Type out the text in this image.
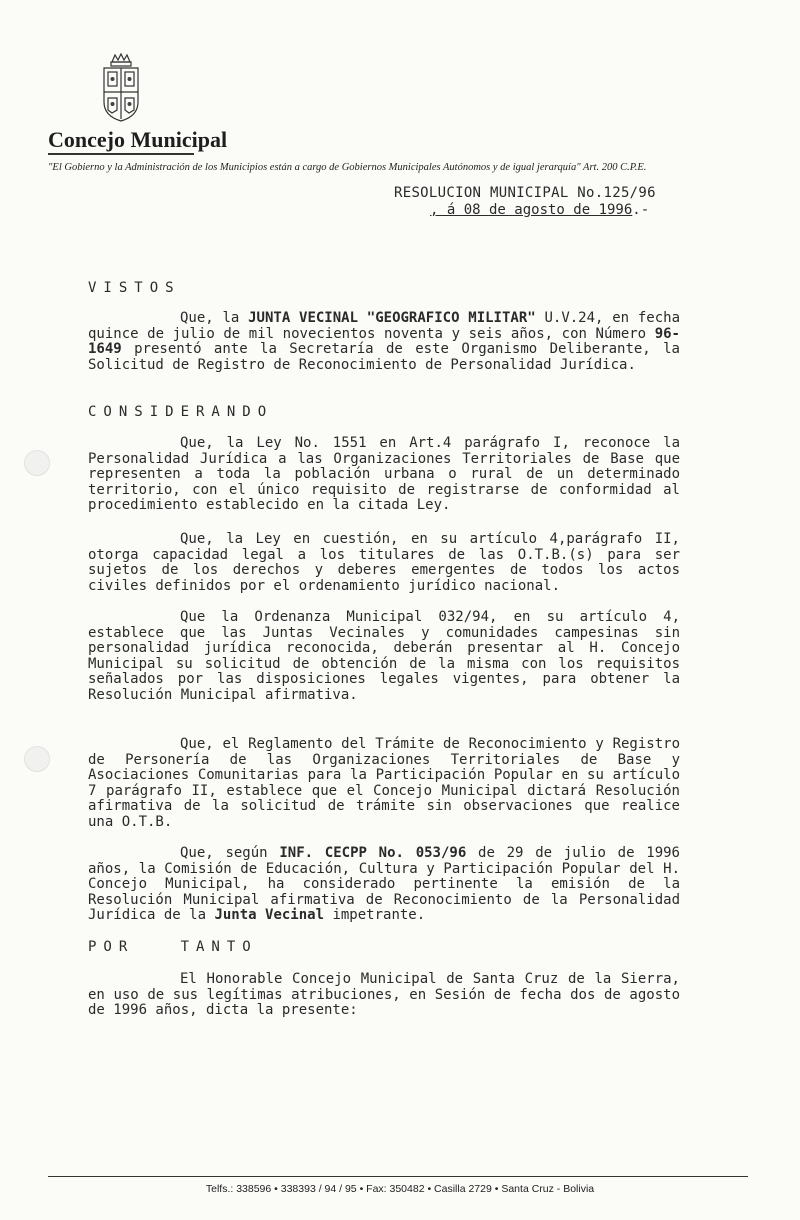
Concejo Municipal
"El Gobierno y la Administración de los Municipios están a cargo de Gobiernos Municipales Autónomos y de igual jerarquía" Art. 200 C.P.E.
RESOLUCION MUNICIPAL No.125/96
, á 08 de agosto de 1996.-
VISTOS
Que, la JUNTA VECINAL "GEOGRAFICO MILITAR" U.V.24, en fecha quince de julio de mil novecientos noventa y seis años, con Número 96-1649 presentó ante la Secretaría de este Organismo Deliberante, la Solicitud de Registro de Reconocimiento de Personalidad Jurídica.
CONSIDERANDO
Que, la Ley No. 1551 en Art.4 parágrafo I, reconoce la Personalidad Jurídica a las Organizaciones Territoriales de Base que representen a toda la población urbana o rural de un determinado territorio, con el único requisito de registrarse de conformidad al procedimiento establecido en la citada Ley.
Que, la Ley en cuestión, en su artículo 4,parágrafo II, otorga capacidad legal a los titulares de las O.T.B.(s) para ser sujetos de los derechos y deberes emergentes de todos los actos civiles definidos por el ordenamiento jurídico nacional.
Que la Ordenanza Municipal 032/94, en su artículo 4, establece que las Juntas Vecinales y comunidades campesinas sin personalidad jurídica reconocida, deberán presentar al H. Concejo Municipal su solicitud de obtención de la misma con los requisitos señalados por las disposiciones legales vigentes, para obtener la Resolución Municipal afirmativa.
Que, el Reglamento del Trámite de Reconocimiento y Registro de Personería de las Organizaciones Territoriales de Base y Asociaciones Comunitarias para la Participación Popular en su artículo 7 parágrafo II, establece que el Concejo Municipal dictará Resolución afirmativa de la solicitud de trámite sin observaciones que realice una O.T.B.
Que, según INF. CECPP No. 053/96 de 29 de julio de 1996 años, la Comisión de Educación, Cultura y Participación Popular del H. Concejo Municipal, ha considerado pertinente la emisión de la Resolución Municipal afirmativa de Reconocimiento de la Personalidad Jurídica de la Junta Vecinal impetrante.
POR   TANTO
El Honorable Concejo Municipal de Santa Cruz de la Sierra, en uso de sus legítimas atribuciones, en Sesión de fecha dos de agosto de 1996 años, dicta la presente:
Telfs.: 338596 • 338393 / 94 / 95 • Fax: 350482 • Casilla 2729 • Santa Cruz - Bolivia
